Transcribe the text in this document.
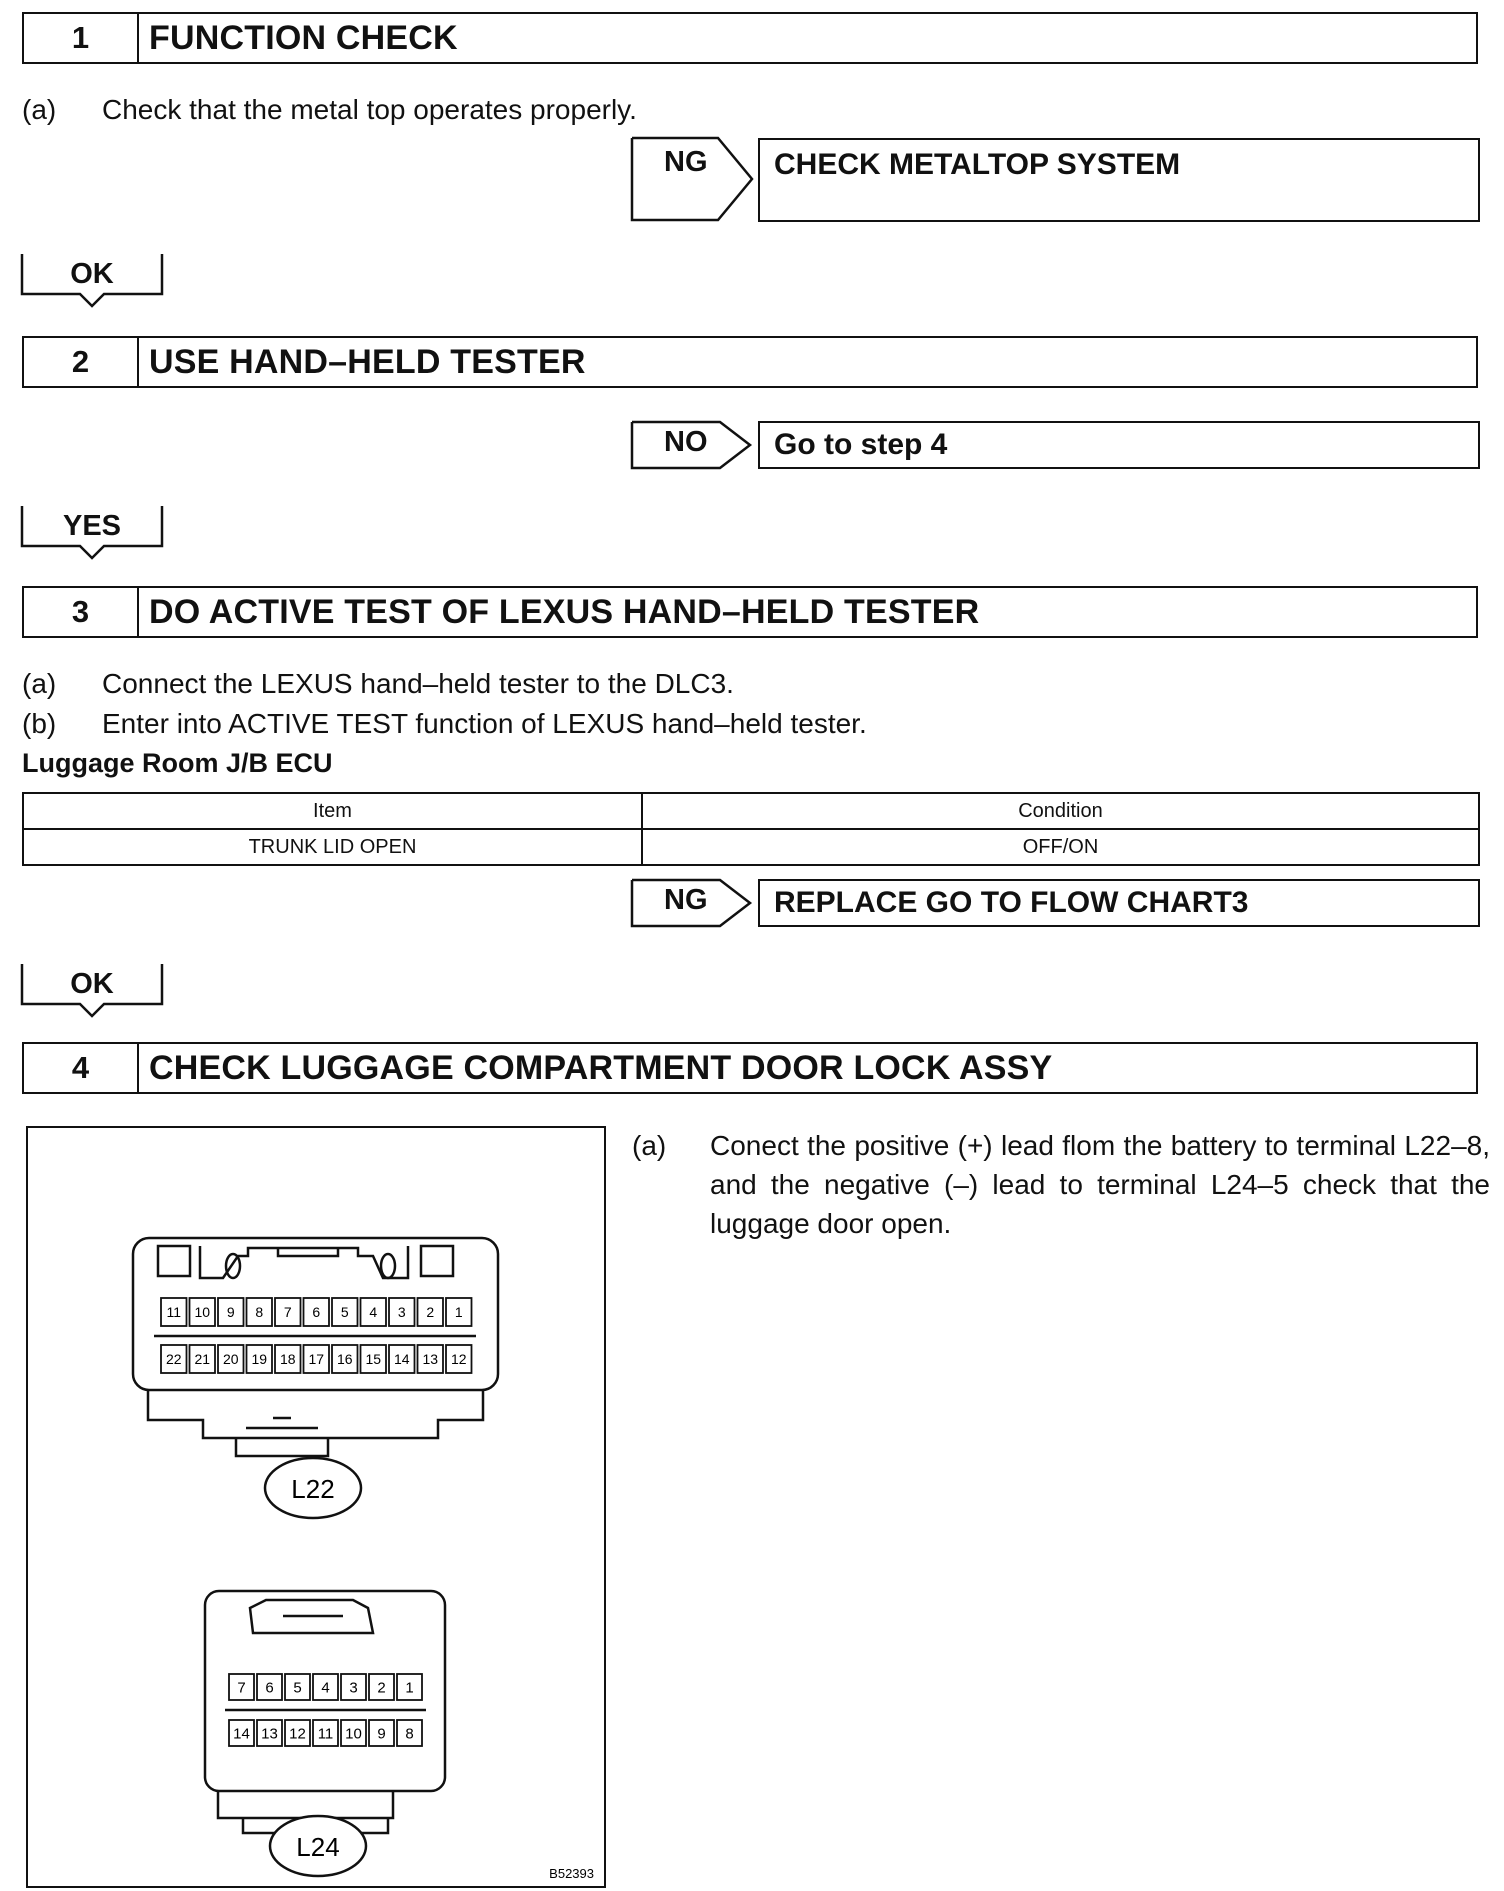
1	FUNCTION CHECK
(a) Check that the metal top operates properly.
NG	CHECK METALTOP SYSTEM
OK
2	USE HAND–HELD TESTER
NO	Go to step 4
YES
3	DO ACTIVE TEST OF LEXUS HAND–HELD TESTER
(a) Connect the LEXUS hand–held tester to the DLC3.
(b) Enter into ACTIVE TEST function of LEXUS hand–held tester.
Luggage Room J/B ECU
Item	Condition
TRUNK LID OPEN	OFF/ON
NG	REPLACE GO TO FLOW CHART3
OK
4	CHECK LUGGAGE COMPARTMENT DOOR LOCK ASSY
11 10 9 8 7 6 5 4 3 2 1
22 21 20 19 18 17 16 15 14 13 12
L22
7 6 5 4 3 2 1
14 13 12 11 10 9 8
L24
B52393
(a) Conect the positive (+) lead flom the battery to terminal L22–8, and the negative (–) lead to terminal L24–5 check that the luggage door open.
